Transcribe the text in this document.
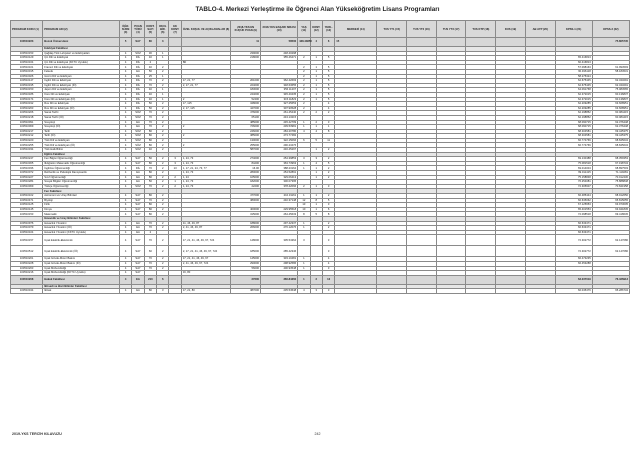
TABLO-4. Merkezi Yerleştirme ile Öğrenci Alan Yükseköğretim Lisans Programları
PROGRAM KODU (1)	PROGRAM ADI (2)	ÖĞR. SÜRE (3)	PUAN TÜRÜ (4)	KONT. SAYI (5)	OKUL BİR. (6)	EK KONT. (7)	ÖZEL KOŞUL VE AÇIKLAMALAR (8)	2018-YKS EN KÜÇÜK PUAN (9)	2018-YKS BAŞARI SIRASI (10)	YAŞ (11)	KONT. (12)	YERL. (13)	MERKEZİ (14)	TUS YT1 (15)	TUS YT2 (16)	TUS YT3 (17)	TUS KTP (18)	DUS (19)	AB AYP (20)	KPSS-1 (21)	KPSS-2 (22)
103510223	Bozok Üniversitesi	5	SAY	80	3			11	58500	438.43856	4	6	15								75.805745
	Edebiyat Fakültesi																				
103510153	Çağdaş Türk Lehçeleri ve Edebiyatları	4	SÖZ	30	1			239000	248.40298												
103510129	Çin Dili ve Edebiyatı	4	DİL	40	1			218000	355.46471	2	1	5								65.416813	
103510164	Çin Dili ve Edebiyatı (KKTC Uyruklu)	4	DİL	2			8D													60.416813	
103510101	Fransız Dili ve Edebiyatı	4	DİL	40	2					2	1	5								57.098163	61.994593
103510015	Felsefe	4	EA	50	2					2	1	5								60.496118	58.184531
103510026	Gürcü Dili ve Edebiyatı	4	DİL	25	1					2	1	5								58.275324	
103510147	İngiliz Dili ve Edebiyatı	4	DİL	70	2		17, 21, 77	201000	362.42693	2	1	5								62.675445	62.343291
103510195	İngiliz Dili ve Edebiyatı (İÖ)	4	DİL	70	2		2, 17, 21, 77	224000	348.63655	2	1	5								62.675445	62.343291
103510150	Japon Dili ve Edebiyatı	4	DİL	40	1			183000	356.11207	2	1	5								64.091768	75.084565
103510186	Kore Dili ve Edebiyatı	4	DİL	40	1			244000	345.40435	2	1	5								62.372015	60.136837
103510174	Kore Dili ve Edebiyatı (İÖ)	4	DİL	40	1		2	52400	315.11823	2	1	5								62.372015	60.136837
103510192	Rus Dili ve Edebiyatı	4	DİL	50	2		17, 115	348000	327.25653	2		4								62.209285	63.668951
103510263	Rus Dili ve Edebiyatı (İÖ)	4	DİL	50	2		2, 17, 115	447000	307.90528	2		4								62.209285	63.668951
103510206	Sanat Tarihi	4	SÖZ	70	2			476000	261.45440	2	2	2								62.198852	60.084415
103510218	Sanat Tarihi (İÖ)	4	SÖZ	70	2			65100	243.13215											62.198852	60.084415
103510091	Sosyoloji	4	EA	70	2			485000	245.42799	1	2	3								68.090715	62.376448
103510069	Sosyoloji (İÖ)	4	EA	70	2		2	726000	239.53981	1	1	1								68.090715	62.376448
103510217	Tarih	4	SÖZ	80	2			246000	284.20780	4	4	8								68.304581	69.445375
103510212	Tarih (İÖ)	4	SÖZ	80	2		2	385000	273.77482											68.304581	69.445375
103510220	Türk Dili ve Edebiyatı	4	SÖZ	80	2			130000	322.15066	6	5	11								66.774766	68.845634
103510255	Türk Dili ve Edebiyatı (İÖ)	4	SÖZ	80	2		2	255000	290.23476											66.774766	68.845634
103510334	Türk Halk Bilimi	4	SÖZ	40	2			587000	246.45297		1	2									
	Eğitim Fakültesi																				
103510247	Fen Bilgisi Öğretmenliği	4	SAY	50	2	3	1, 24, 73	274000	254.39853	3	3	2								69.130488	68.359353
103510365	İlköğretim Matematik Öğretmenliği	4	SAY	80	2	3	1, 24, 73	84200	363.73963	1	4	5								75.081518	67.198734
103510036	İngilizce Öğretmenliği	4	DİL	70	2	13	1, 17, 21, 24, 73, 77	16.00	388.23164	1	1	2								69.014004	68.897503
103510072	Rehberlik ve Psikolojik Danışmanlık	4	EA	80	2		1, 24, 73	280000	254.52891		1	2								69.011415	71.119281
103510227	Sınıf Öğretmenliği	4	EA	80	2	2	1, 24	105000	329.06413		1	2								75.158848	70.012430
103510284	Sosyal Bilgiler Öğretmenliği	4	EA	50	2	1	1, 24, 73	182000	300.07395											76.254081	75.888848
103510069	Türkçe Öğretmenliği	4	SÖZ	70	2	2	1, 24, 73	22200	378.42066	2	1	3								72.305607	70.841958
	Fen Fakültesi																				
103510102	Astronomi ve Uzay Bilimleri	4	SAY	80	2			477000	210.31161	1	1	2								66.485444	68.912650
103510471	Biyoloji	4	SAY	70	2			380000	240.37148	12	8	5								66.635062	65.815055
103510125	Fizik	4	SAY	80	2					13	1	3								67.125653	63.973005
103510145	Kimya	4	SAY	80	2			400000	229.95518	10	1	6								65.401553	63.941845
103510153	Matematik	4	SAY	80	2			315000	264.45633	8	5	8								72.098518	69.418645
	Havacılık ve Uzay Bilimleri Fakültesi																				
103510976	Havacılık Yönetimi	4	EA	70	2		41, 46, 49, 87	188000	297.42337	1		2								66.633471	
103510079	Havacılık Yönetimi (İÖ)	4	EA	70	2		2, 41, 46, 49, 87	266000	276.12076	1		2								66.633471	
103510104	Havacılık Yönetimi (KKTC Uyruklu)	4	EA	2																66.633471	
103510157	Uçak Elektrik-Elektronik	4	SAY	70	2		17, 21, 41, 46, 49, 67, 724	148000	305.54364	3		3								72.302772	62.147080
103510512	Uçak Elektrik-Elektronik (İÖ)	4	SAY	60	2		2, 17, 21, 41, 46, 49, 67, 724	185000	285.42346			3								72.302772	62.147080
103510201	Uçak Gövde-Motor Bakım	4	SAY	70	2		17, 21, 41, 46, 49, 67	145000	333.10481	1		4								66.473235	
103510228	Uçak Gövde-Motor Bakım (İÖ)	4	SAY	70	2		2, 41, 46, 49, 67, 724	290000	298.92586	1		4								66.453288	
103510263	Uçak Mühendisliği	4	SAY	70	2			56000	400.93548	1		3									
103510216	Uçak Mühendisliği (KKTC Uyruklu)	4	SAY				16, 80														
103510208	Hukuk Fakültesi	4	EA	210	6			27600	366.84360	1	2	13								63.237019	76.426913
	İktisadi ve İdari Bilimler Fakültesi																				
103510344	İktisat	4	EA	80	3		17, 21, 80	387000	235.54548	4	3	3								66.045476	65.286734
2019-YKS TERCİH KILAVUZU	242
